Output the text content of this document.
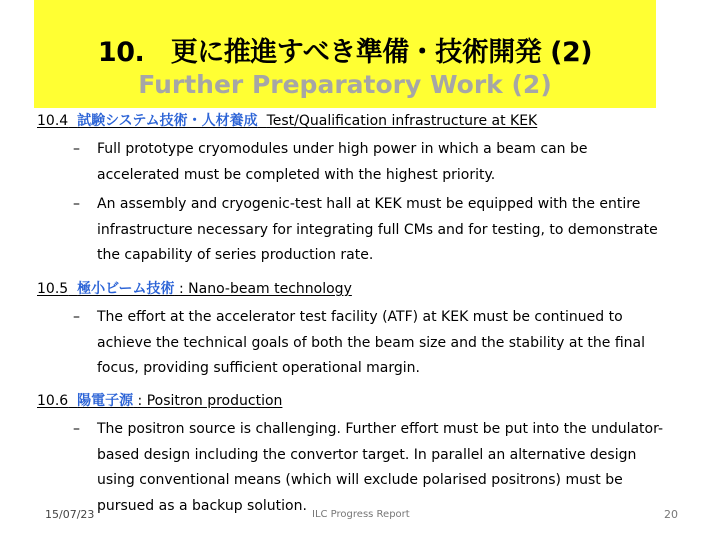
10.　更に推進すべき準備・技術開発 (2)
Further Preparatory Work (2)
10.4 試験システム技術・人材養成 Test/Qualification infrastructure at KEK
– Full prototype cryomodules under high power in which a beam can be accelerated must be completed with the highest priority.
– An assembly and cryogenic-test hall at KEK must be equipped with the entire infrastructure necessary for integrating full CMs and for testing, to demonstrate the capability of series production rate.
10.5 極小ビーム技術 : Nano-beam technology
– The effort at the accelerator test facility (ATF) at KEK must be continued to achieve the technical goals of both the beam size and the stability at the final focus, providing sufficient operational margin.
10.6 陽電子源 : Positron production
– The positron source is challenging. Further effort must be put into the undulator-based design including the convertor target. In parallel an alternative design using conventional means (which will exclude polarised positrons) must be pursued as a backup solution.
15/07/23	ILC Progress Report	20
